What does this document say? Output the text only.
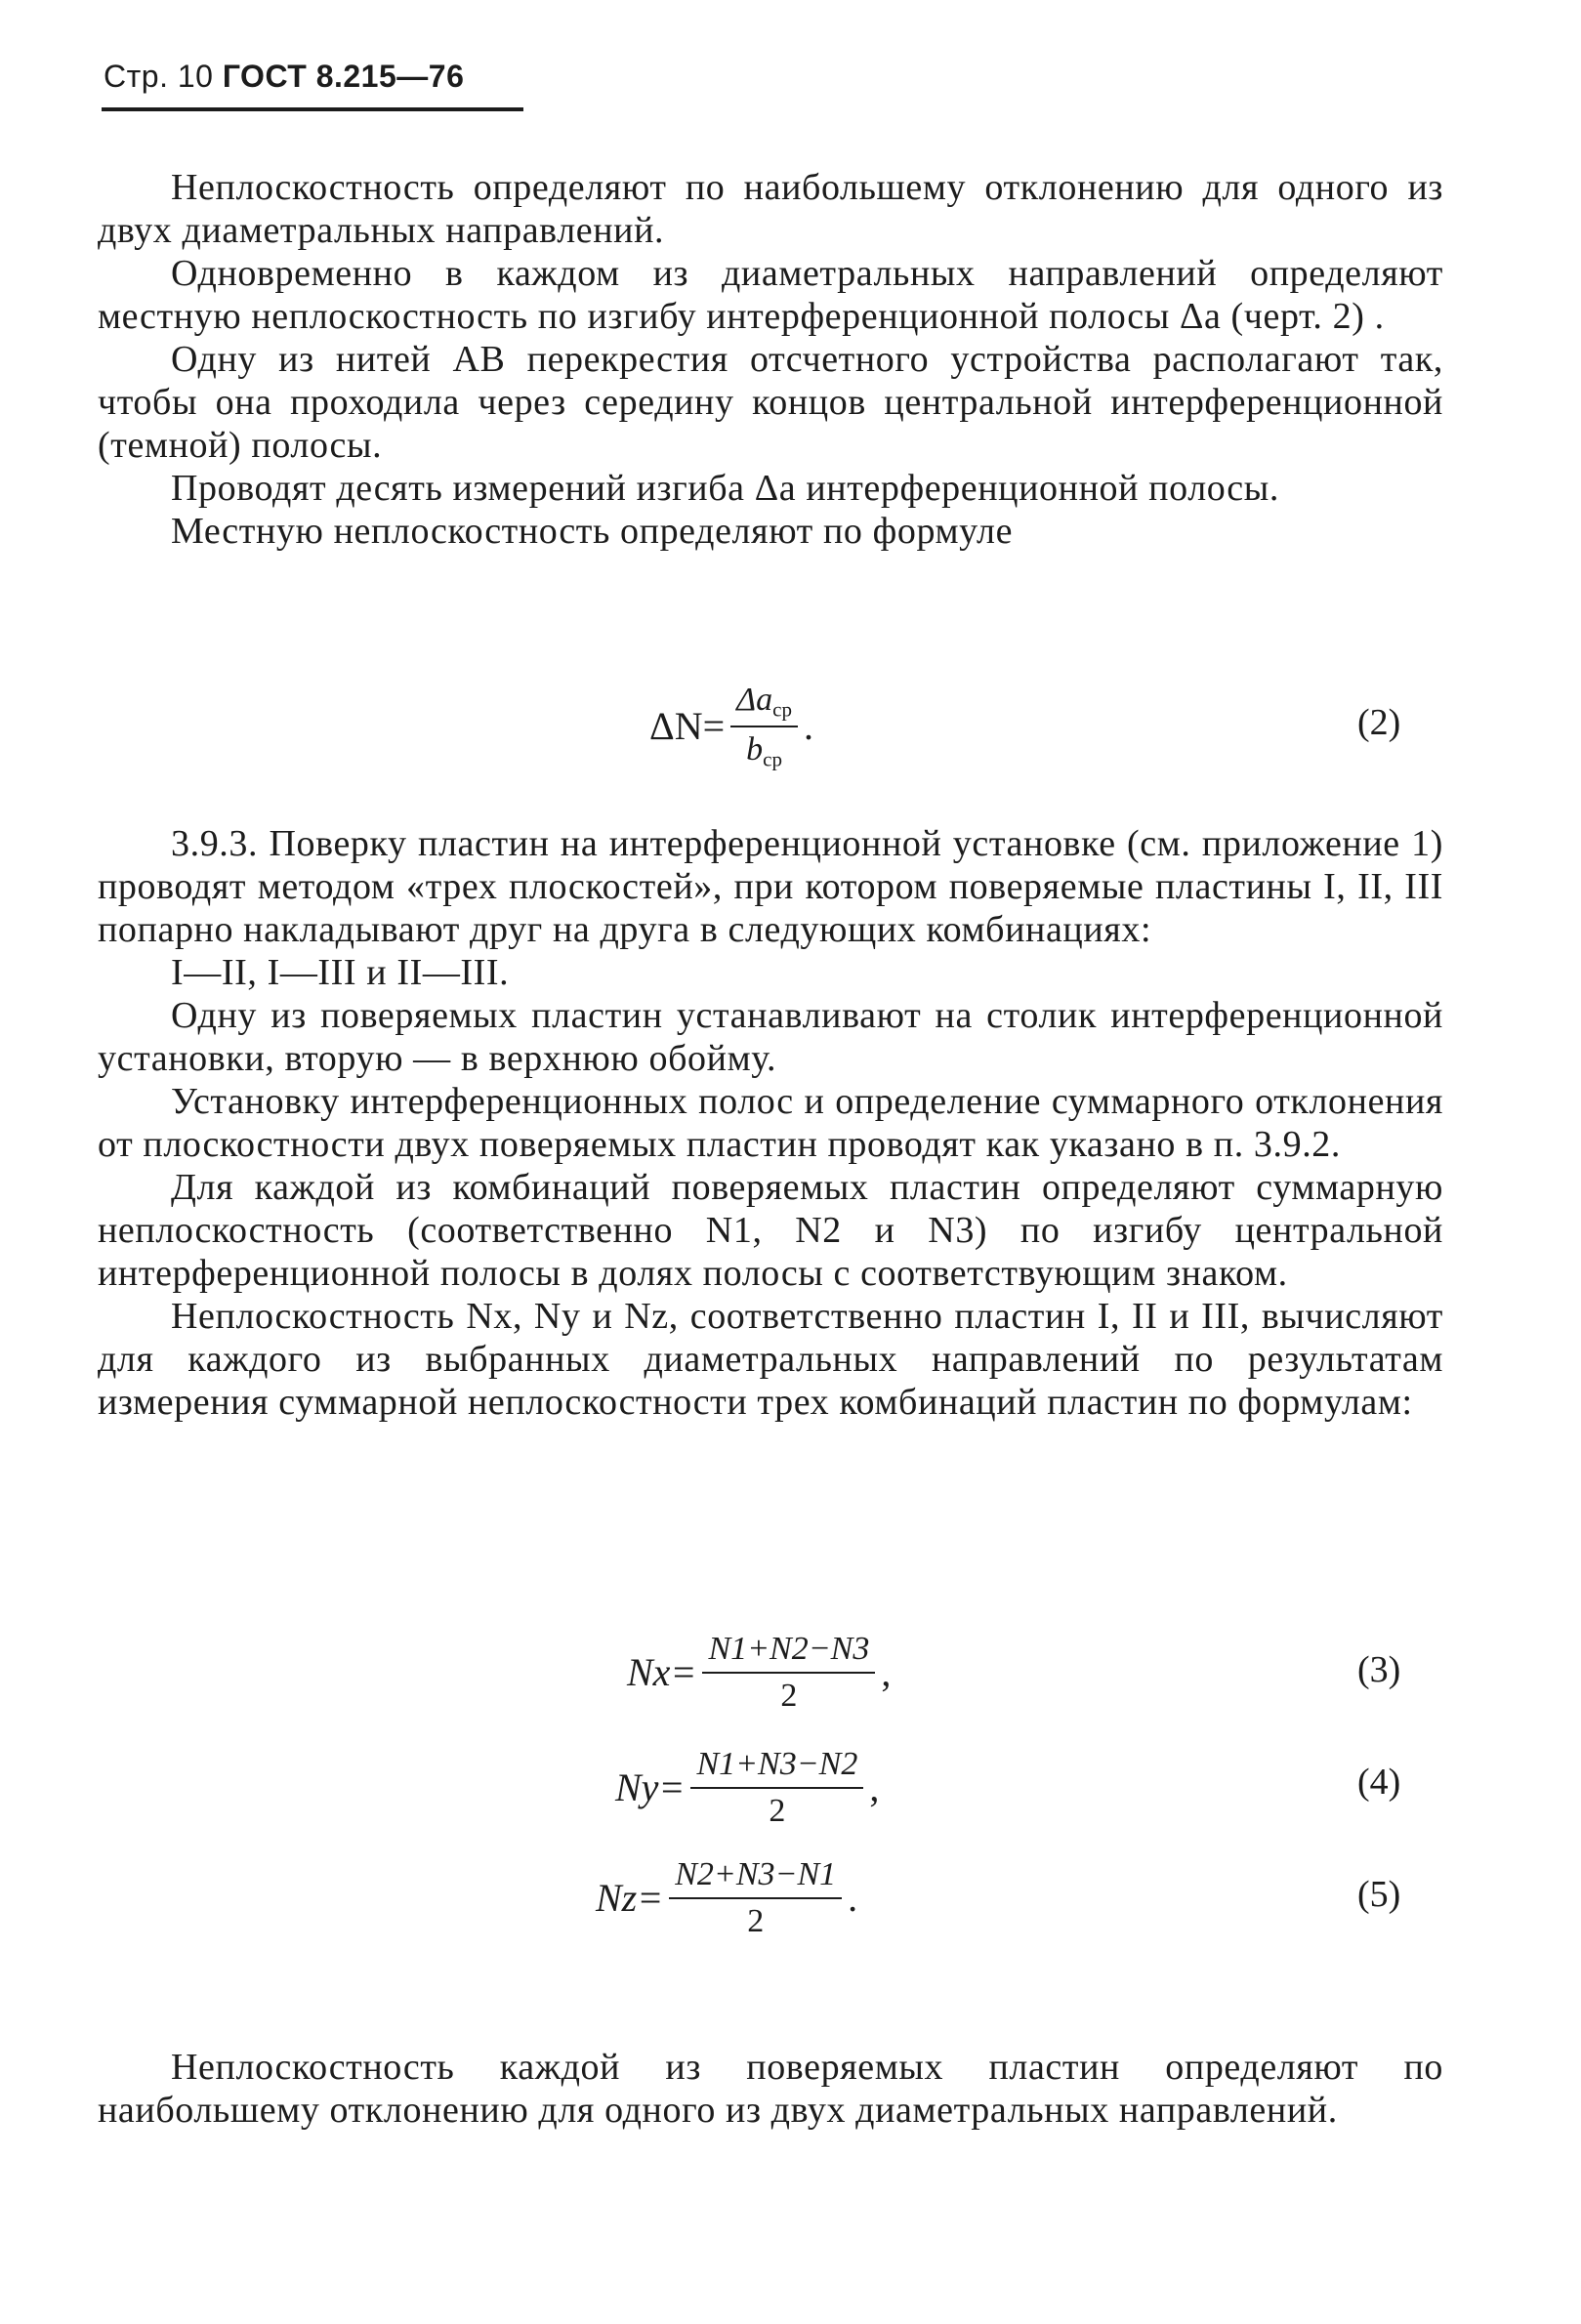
Стр. 10 ГОСТ 8.215—76

Неплоскостность определяют по наибольшему отклонению для одного из двух диаметральных направлений.

Одновременно в каждом из диаметральных направлений определяют местную неплоскостность по изгибу интерференционной полосы Δa (черт. 2) .

Одну из нитей AB перекрестия отсчетного устройства располагают так, чтобы она проходила через середину концов центральной интерференционной (темной) полосы.

Проводят десять измерений изгиба Δa интерференционной полосы.

Местную неплоскостность определяют по формуле

$\Delta N= \frac{\Delta a_{ср}}{b_{ср}}$ .	(2)

3.9.3. Поверку пластин на интерференционной установке (см. приложение 1) проводят методом «трех плоскостей», при котором поверяемые пластины I, II, III попарно накладывают друг на друга в следующих комбинациях:

I—II, I—III и II—III.

Одну из поверяемых пластин устанавливают на столик интерференционной установки, вторую — в верхнюю обойму.

Установку интерференционных полос и определение суммарного отклонения от плоскостности двух поверяемых пластин проводят как указано в п. 3.9.2.

Для каждой из комбинаций поверяемых пластин определяют суммарную неплоскостность (соответственно N1, N2 и N3) по изгибу центральной интерференционной полосы в долях полосы с соответствующим знаком.

Неплоскостность Nx, Ny и Nz, соответственно пластин I, II и III, вычисляют для каждого из выбранных диаметральных направлений по результатам измерения суммарной неплоскостности трех комбинаций пластин по формулам:

$Nx= \frac{N1+N2-N3}{2}$ ,	(3)
$Ny= \frac{N1+N3-N2}{2}$ ,	(4)
$Nz= \frac{N2+N3-N1}{2}$ .	(5)

Неплоскостность каждой из поверяемых пластин определяют по наибольшему отклонению для одного из двух диаметральных направлений.
